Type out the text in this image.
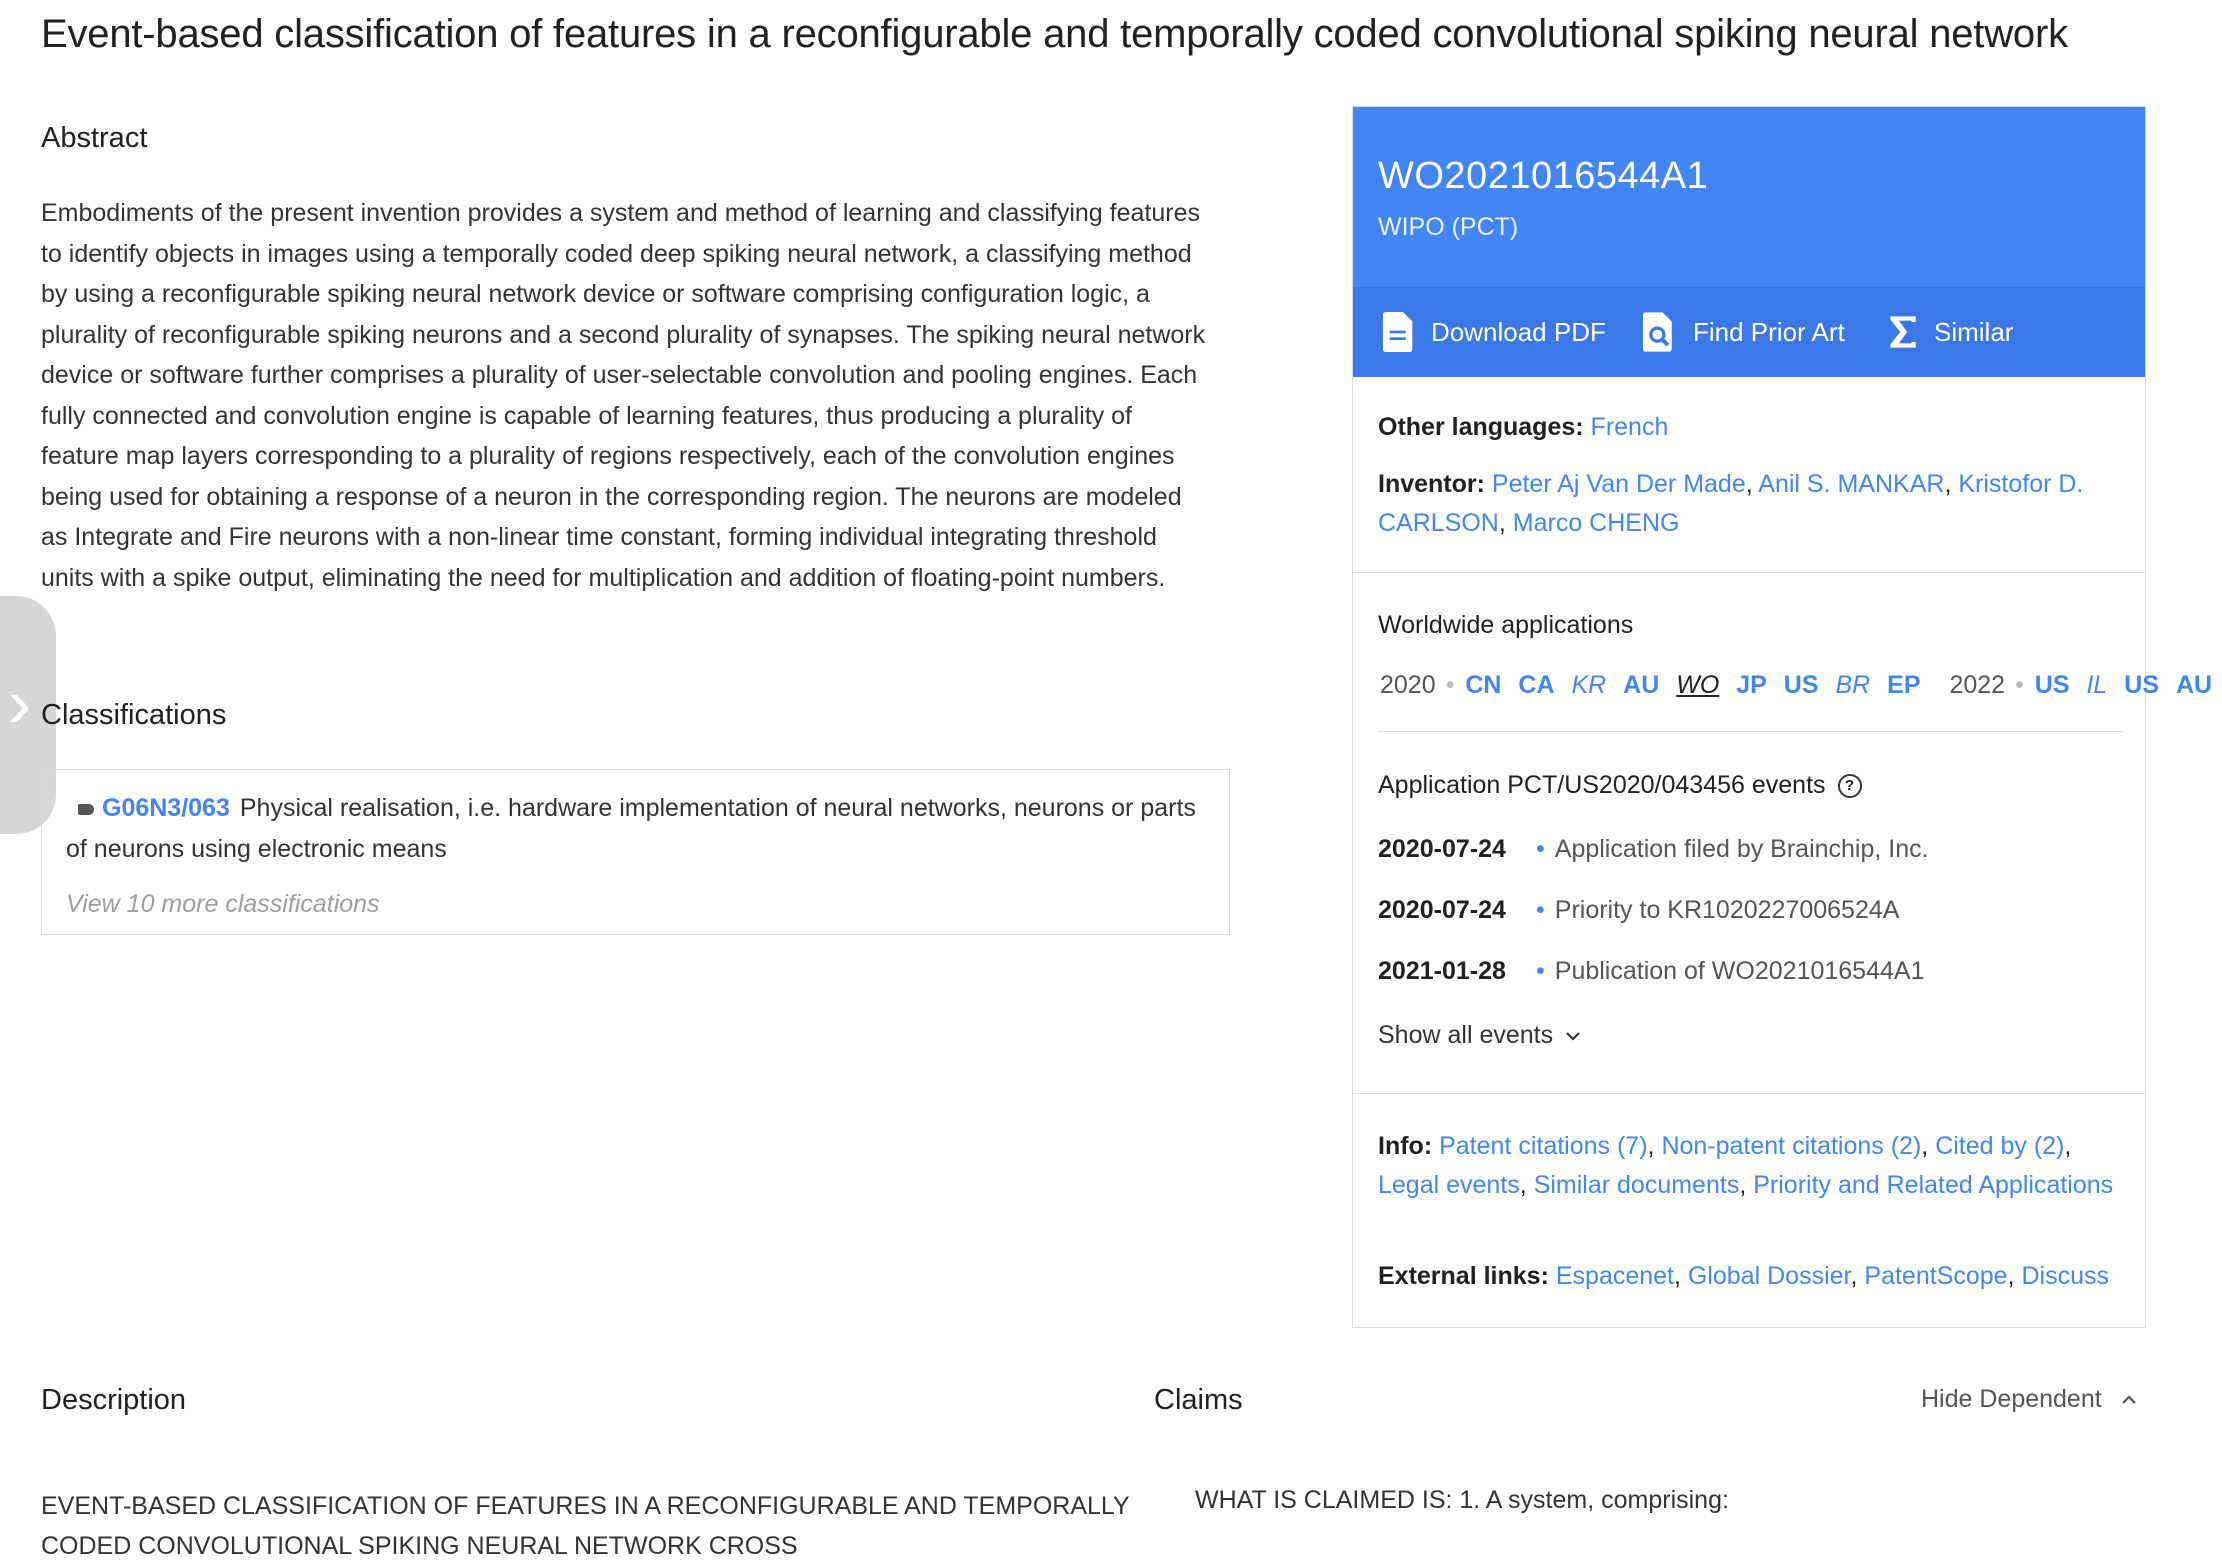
Event-based classification of features in a reconfigurable and temporally coded convolutional spiking neural network
Abstract
Embodiments of the present invention provides a system and method of learning and classifying features to identify objects in images using a temporally coded deep spiking neural network, a classifying method by using a reconfigurable spiking neural network device or software comprising configuration logic, a plurality of reconfigurable spiking neurons and a second plurality of synapses. The spiking neural network device or software further comprises a plurality of user-selectable convolution and pooling engines. Each fully connected and convolution engine is capable of learning features, thus producing a plurality of feature map layers corresponding to a plurality of regions respectively, each of the convolution engines being used for obtaining a response of a neuron in the corresponding region. The neurons are modeled as Integrate and Fire neurons with a non-linear time constant, forming individual integrating threshold units with a spike output, eliminating the need for multiplication and addition of floating-point numbers.
› Classifications
G06N3/063 Physical realisation, i.e. hardware implementation of neural networks, neurons or parts of neurons using electronic means
View 10 more classifications
WO2021016544A1
WIPO (PCT)
Download PDF	Find Prior Art	Similar
Other languages: French
Inventor: Peter Aj Van Der Made, Anil S. MANKAR, Kristofor D. CARLSON, Marco CHENG
Worldwide applications
2020 • CN CA KR AU WO JP US BR EP 2022 • US IL US AU
Application PCT/US2020/043456 events ?
2020-07-24 • Application filed by Brainchip, Inc.
2020-07-24 • Priority to KR1020227006524A
2021-01-28 • Publication of WO2021016544A1
Show all events
Info: Patent citations (7), Non-patent citations (2), Cited by (2), Legal events, Similar documents, Priority and Related Applications
External links: Espacenet, Global Dossier, PatentScope, Discuss
Description	Claims	Hide Dependent
EVENT-BASED CLASSIFICATION OF FEATURES IN A RECONFIGURABLE AND TEMPORALLY CODED CONVOLUTIONAL SPIKING NEURAL NETWORK CROSS
WHAT IS CLAIMED IS: 1. A system, comprising:
